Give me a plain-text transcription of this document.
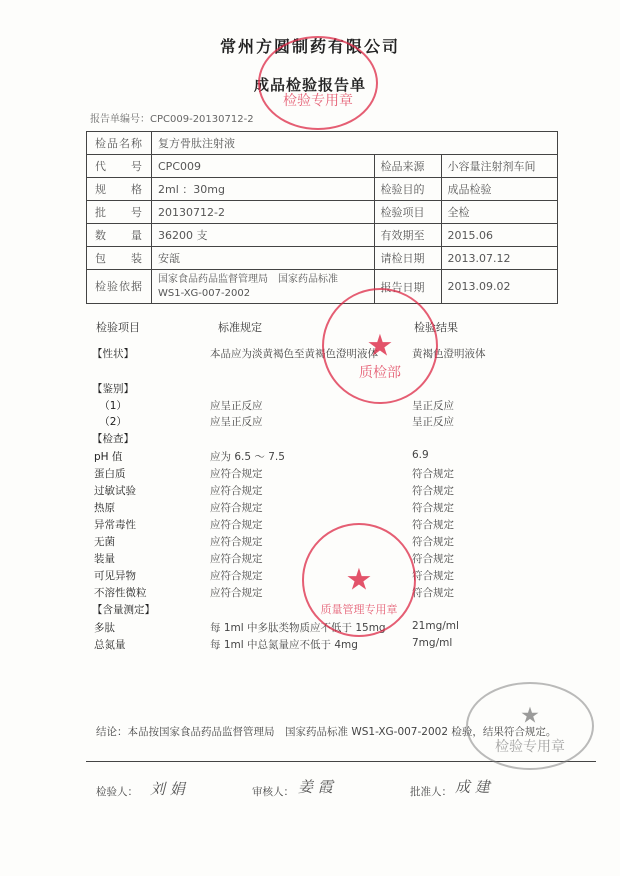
常州方圆制药有限公司
成品检验报告单
报告单编号：CPC009-20130712-2
检品名称	复方骨肽注射液		
代　　号	CPC009	检品来源	小容量注射剂车间
规　　格	2ml ：30mg	检验目的	成品检验
批　　号	20130712-2	检验项目	全检
数　　量	36200 支	有效期至	2015.06
包　　装	安瓿	请检日期	2013.07.12
检验依据	国家食品药品监督管理局　国家药品标准
WS1-XG-007-2002	报告日期	2013.09.02
检验项目	标准规定	检验结果
【性状】	本品应为淡黄褐色至黄褐色澄明液体	黄褐色澄明液体
【鉴别】
　（1）	应呈正反应	呈正反应
　（2）	应呈正反应	呈正反应
【检查】
pH 值	应为 6.5 ～ 7.5	6.9
蛋白质	应符合规定	符合规定
过敏试验	应符合规定	符合规定
热原	应符合规定	符合规定
异常毒性	应符合规定	符合规定
无菌	应符合规定	符合规定
装量	应符合规定	符合规定
可见异物	应符合规定	符合规定
不溶性微粒	应符合规定	符合规定
【含量测定】
多肽	每 1ml 中多肽类物质应不低于 15mg	21mg/ml
总氮量	每 1ml 中总氮量应不低于 4mg	7mg/ml
结论：本品按国家食品药品监督管理局　国家药品标准 WS1-XG-007-2002 检验，结果符合规定。
检验人： 刘 娟	审核人： 姜 霞	批准人： 成 建
检验专用章
★
质检部
★
质量管理专用章
★
检验专用章
